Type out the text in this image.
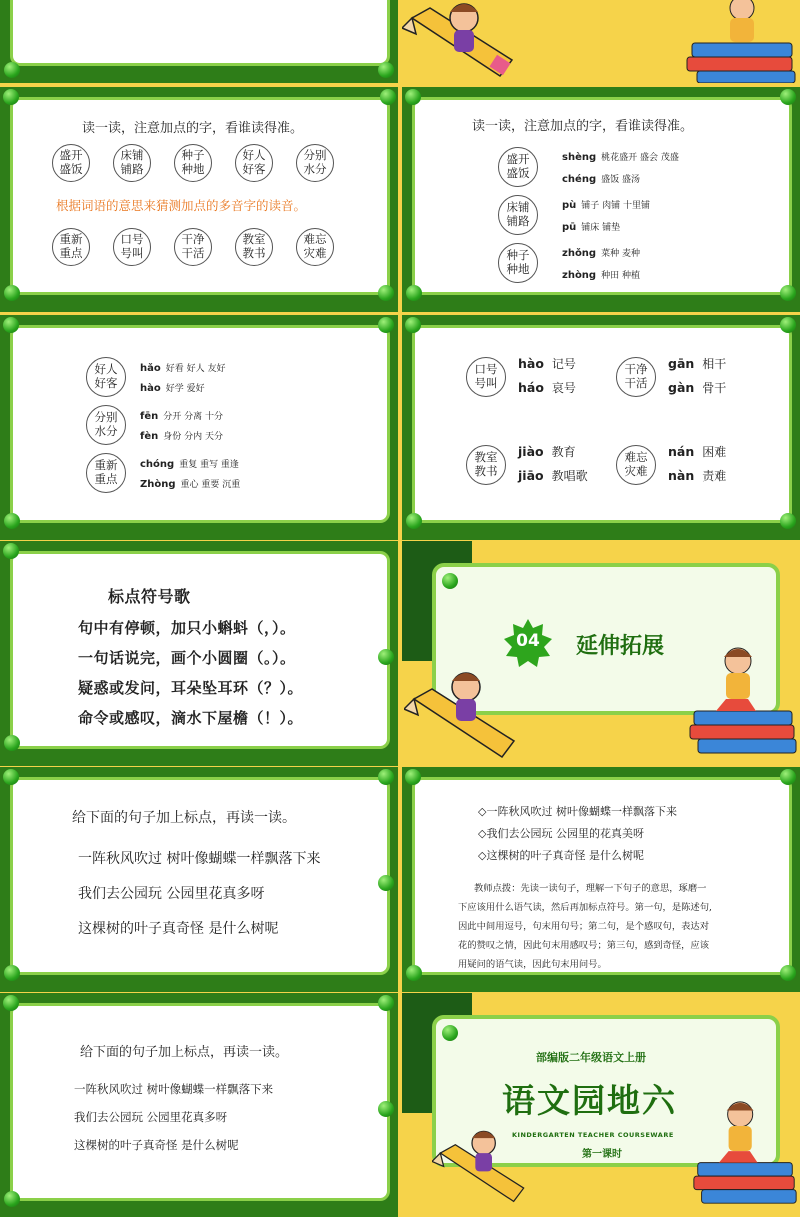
读一读，注意加点的字，看谁读得准。
盛开
盛饭
床铺
铺路
种子
种地
好人
好客
分别
水分
根据词语的意思来猜测加点的多音字的读音。
重新
重点
口号
号叫
干净
干活
教室
教书
难忘
灾难
读一读，注意加点的字，看谁读得准。
盛开
盛饭
shèng 桃花盛开 盛会 茂盛
chéng 盛饭 盛汤
床铺
铺路
pù 铺子 肉铺 十里铺
pū 铺床 铺垫
种子
种地
zhǒng 菜种 麦种
zhòng 种田 种植
好人
好客
hǎo 好看 好人 友好
hào 好学 爱好
分别
水分
fēn 分开 分离 十分
fèn 身份 分内 天分
重新
重点
chóng 重复 重写 重逢
Zhòng 重心 重要 沉重
口号
号叫
hào 记号
háo 哀号
干净
干活
gān 相干
gàn 骨干
教室
教书
jiào 教育
jiāo 教唱歌
难忘
灾难
nán 困难
nàn 责难
标点符号歌
句中有停顿，加只小蝌蚪（，）。
一句话说完，画个小圆圈（。）。
疑惑或发问，耳朵坠耳环（？）。
命令或感叹，滴水下屋檐（！）。
04	延伸拓展
给下面的句子加上标点，再读一读。
一阵秋风吹过 树叶像蝴蝶一样飘落下来
我们去公园玩 公园里花真多呀
这棵树的叶子真奇怪 是什么树呢
◇一阵秋风吹过 树叶像蝴蝶一样飘落下来
◇我们去公园玩 公园里的花真美呀
◇这棵树的叶子真奇怪 是什么树呢
教师点拨：先读一读句子，理解一下句子的意思，琢磨一
下应该用什么语气读，然后再加标点符号。第一句，是陈述句,
因此中间用逗号，句末用句号；第二句，是个感叹句，表达对
花的赞叹之情，因此句末用感叹号；第三句，感到奇怪，应该
用疑问的语气读，因此句末用问号。
给下面的句子加上标点，再读一读。
一阵秋风吹过 树叶像蝴蝶一样飘落下来
我们去公园玩 公园里花真多呀
这棵树的叶子真奇怪 是什么树呢
部编版二年级语文上册
语文园地六
KINDERGARTEN TEACHER COURSEWARE
第一课时
